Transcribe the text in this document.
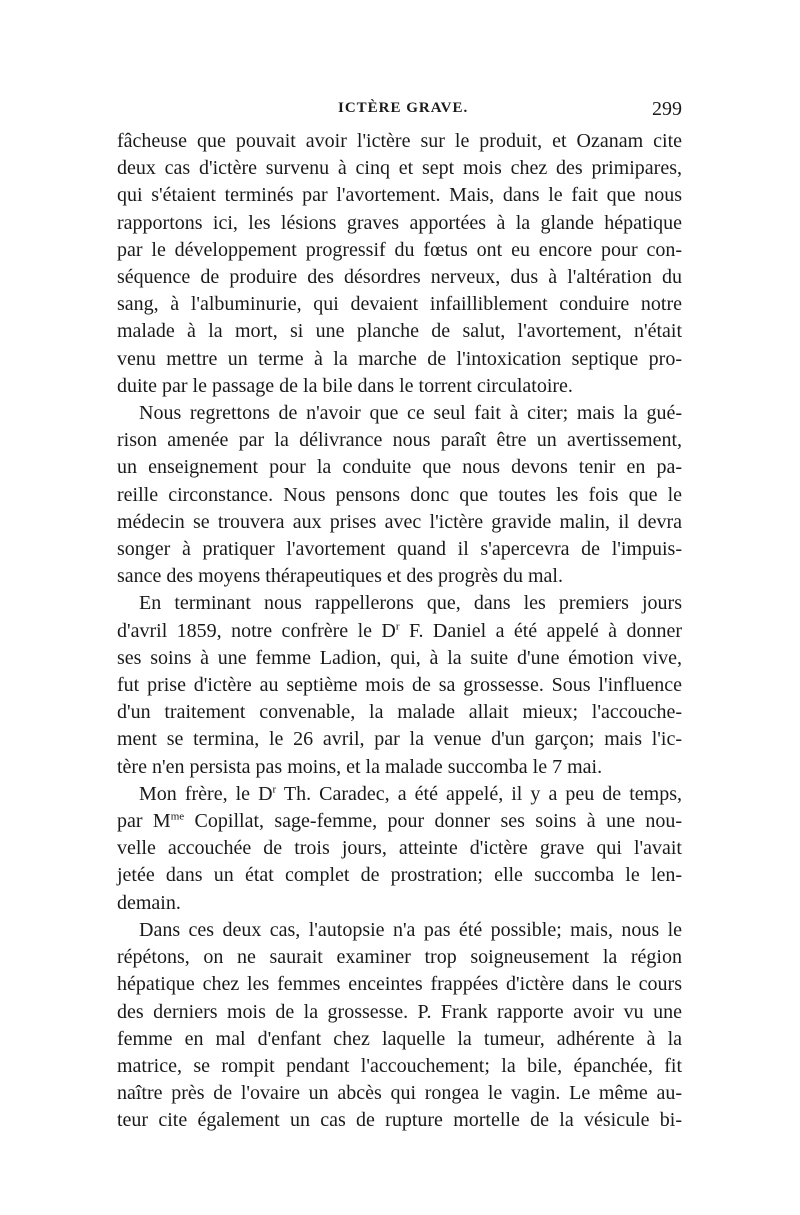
ICTÈRE GRAVE.	299

fâcheuse que pouvait avoir l'ictère sur le produit, et Ozanam cite
deux cas d'ictère survenu à cinq et sept mois chez des primipares,
qui s'étaient terminés par l'avortement. Mais, dans le fait que nous
rapportons ici, les lésions graves apportées à la glande hépatique
par le développement progressif du fœtus ont eu encore pour con-
séquence de produire des désordres nerveux, dus à l'altération du
sang, à l'albuminurie, qui devaient infailliblement conduire notre
malade à la mort, si une planche de salut, l'avortement, n'était
venu mettre un terme à la marche de l'intoxication septique pro-
duite par le passage de la bile dans le torrent circulatoire.

Nous regrettons de n'avoir que ce seul fait à citer; mais la gué-
rison amenée par la délivrance nous paraît être un avertissement,
un enseignement pour la conduite que nous devons tenir en pa-
reille circonstance. Nous pensons donc que toutes les fois que le
médecin se trouvera aux prises avec l'ictère gravide malin, il devra
songer à pratiquer l'avortement quand il s'apercevra de l'impuis-
sance des moyens thérapeutiques et des progrès du mal.

En terminant nous rappellerons que, dans les premiers jours
d'avril 1859, notre confrère le $D^r$ F. Daniel a été appelé à donner
ses soins à une femme Ladion, qui, à la suite d'une émotion vive,
fut prise d'ictère au septième mois de sa grossesse. Sous l'influence
d'un traitement convenable, la malade allait mieux; l'accouche-
ment se termina, le 26 avril, par la venue d'un garçon; mais l'ic-
tère n'en persista pas moins, et la malade succomba le 7 mai.

Mon frère, le $D^r$ Th. Caradec, a été appelé, il y a peu de temps,
par $M^{me}$ Copillat, sage-femme, pour donner ses soins à une nou-
velle accouchée de trois jours, atteinte d'ictère grave qui l'avait
jetée dans un état complet de prostration; elle succomba le len-
demain.

Dans ces deux cas, l'autopsie n'a pas été possible; mais, nous le
répétons, on ne saurait examiner trop soigneusement la région
hépatique chez les femmes enceintes frappées d'ictère dans le cours
des derniers mois de la grossesse. P. Frank rapporte avoir vu une
femme en mal d'enfant chez laquelle la tumeur, adhérente à la
matrice, se rompit pendant l'accouchement; la bile, épanchée, fit
naître près de l'ovaire un abcès qui rongea le vagin. Le même au-
teur cite également un cas de rupture mortelle de la vésicule bi-
